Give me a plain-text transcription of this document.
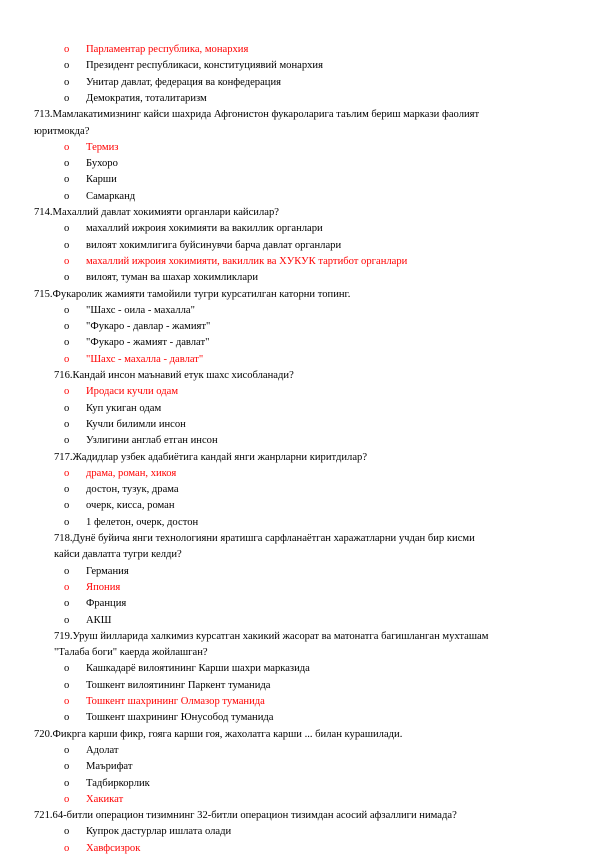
o Парламентар республика, монархия
o Президент республикаси, конституциявий монархия
o Унитар давлат, федерация ва конфедерация
o Демократия, тоталитаризм
713.Мамлакатимизнинг кайси шахрида Афгонистон фукароларига таълим бериш маркази фаолият
юритмокда?
o Термиз
o Бухоро
o Карши
o Самарканд
714.Махаллий давлат хокимияти органлари кайсилар?
o махаллий ижроия хокимияти ва вакиллик органлари
o вилоят хокимлигига буйсинувчи барча давлат органлари
o махаллий ижроия хокимияти, вакиллик ва ХУКУК тартибот органлари
o вилоят, туман ва шахар хокимликлари
715.Фукаролик жамияти тамойили тугри курсатилган каторни топинг.
o "Шахс - оила - махалла"
o "Фукаро - давлар - жамият"
o "Фукаро - жамият - давлат"
o "Шахс - махалла - давлат"
716.Кандай инсон маънавий етук шахс хисобланади?
o Иродаси кучли одам
o Куп укиган одам
o Кучли билимли инсон
o Узлигини англаб етган инсон
717.Жадидлар узбек адабиётига кандай янги жанрларни киритдилар?
o драма, роман, хикоя
o достон, тузук, драма
o очерк, кисса, роман
o 1 фелетон, очерк, достон
718.Дунё буйича янги технологияни яратишга сарфланаётган харажатларни учдан бир кисми
кайси давлатга тугри келди?
o Германия
o Япония
o Франция
o АКШ
719.Уруш йилларида халкимиз курсатган хакикий жасорат ва матонатга багишланган мухташам
"Талаба боги" каерда жойлашган?
o Кашкадарё вилоятининг Карши шахри марказида
o Тошкент вилоятининг Паркент туманида
o Тошкент шахрининг Олмазор туманида
o Тошкент шахрининг Юнусобод туманида
720.Фикрга карши фикр, гояга карши гоя, жахолатга карши ... билан курашилади.
o Адолат
o Маърифат
o Тадбиркорлик
o Хакикат
721.64-битли операцион тизимнинг 32-битли операцион тизимдан асосий афзаллиги нимада?
o Купрок дастурлар ишлата олади
o Хавфсизрок
